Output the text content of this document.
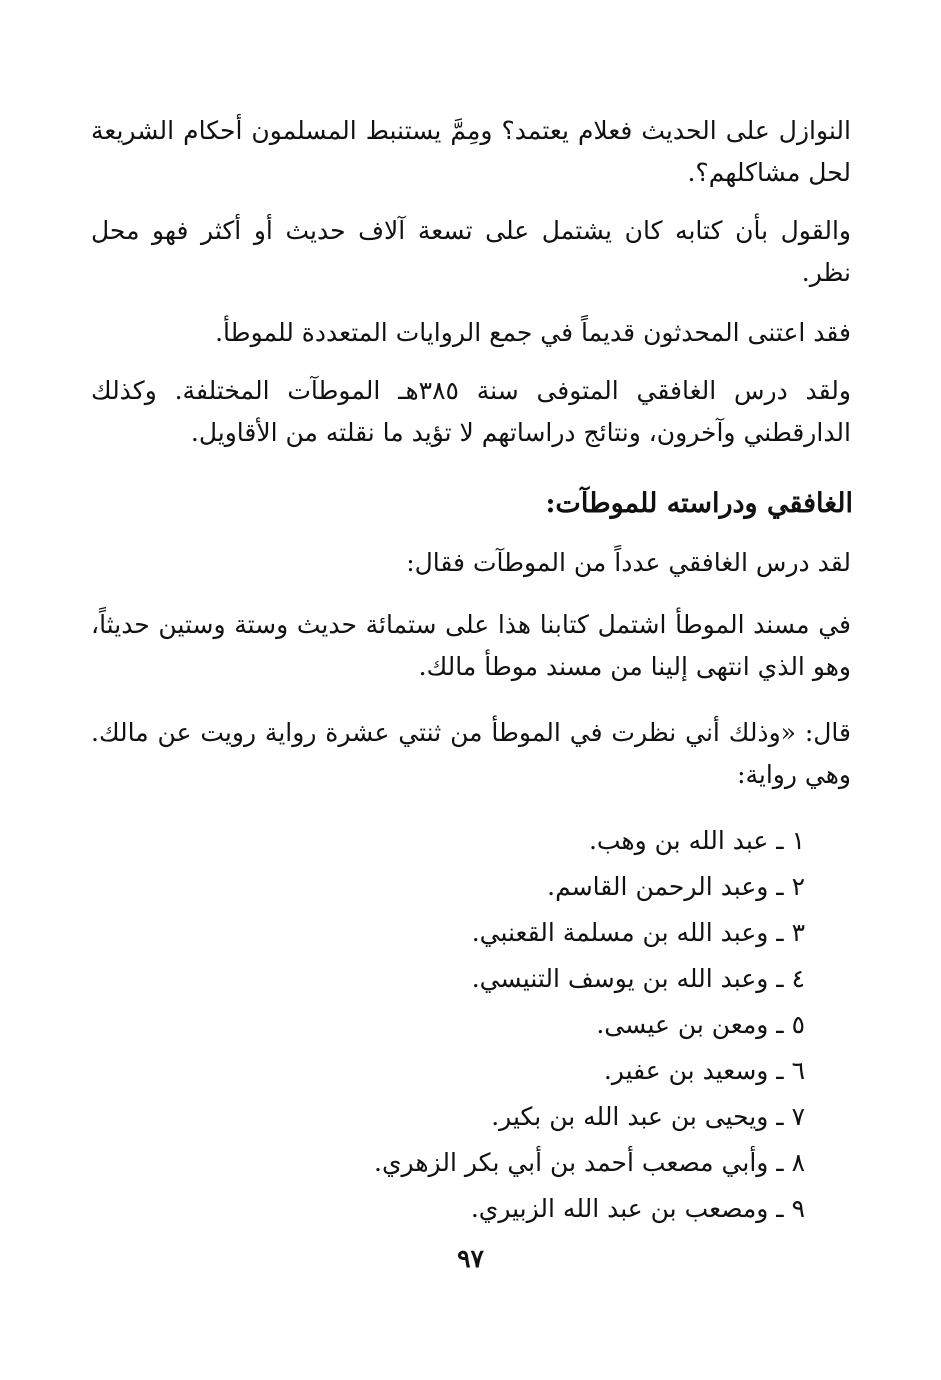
النوازل على الحديث فعلام يعتمد؟ ومِمَّ يستنبط المسلمون أحكام الشريعة لحل مشاكلهم؟.

والقول بأن كتابه كان يشتمل على تسعة آلاف حديث أو أكثر فهو محل نظر.

فقد اعتنى المحدثون قديماً في جمع الروايات المتعددة للموطأ.

ولقد درس الغافقي المتوفى سنة ٣٨٥هـ الموطآت المختلفة. وكذلك الدارقطني وآخرون، ونتائج دراساتهم لا تؤيد ما نقلته من الأقاويل.

الغافقي ودراسته للموطآت:

لقد درس الغافقي عدداً من الموطآت فقال:

في مسند الموطأ اشتمل كتابنا هذا على ستمائة حديث وستة وستين حديثاً، وهو الذي انتهى إلينا من مسند موطأ مالك.

قال: «وذلك أني نظرت في الموطأ من ثنتي عشرة رواية رويت عن مالك. وهي رواية:

١ ـ عبد الله بن وهب.
٢ ـ وعبد الرحمن القاسم.
٣ ـ وعبد الله بن مسلمة القعنبي.
٤ ـ وعبد الله بن يوسف التنيسي.
٥ ـ ومعن بن عيسى.
٦ ـ وسعيد بن عفير.
٧ ـ ويحيى بن عبد الله بن بكير.
٨ ـ وأبي مصعب أحمد بن أبي بكر الزهري.
٩ ـ ومصعب بن عبد الله الزبيري.
٩٧
